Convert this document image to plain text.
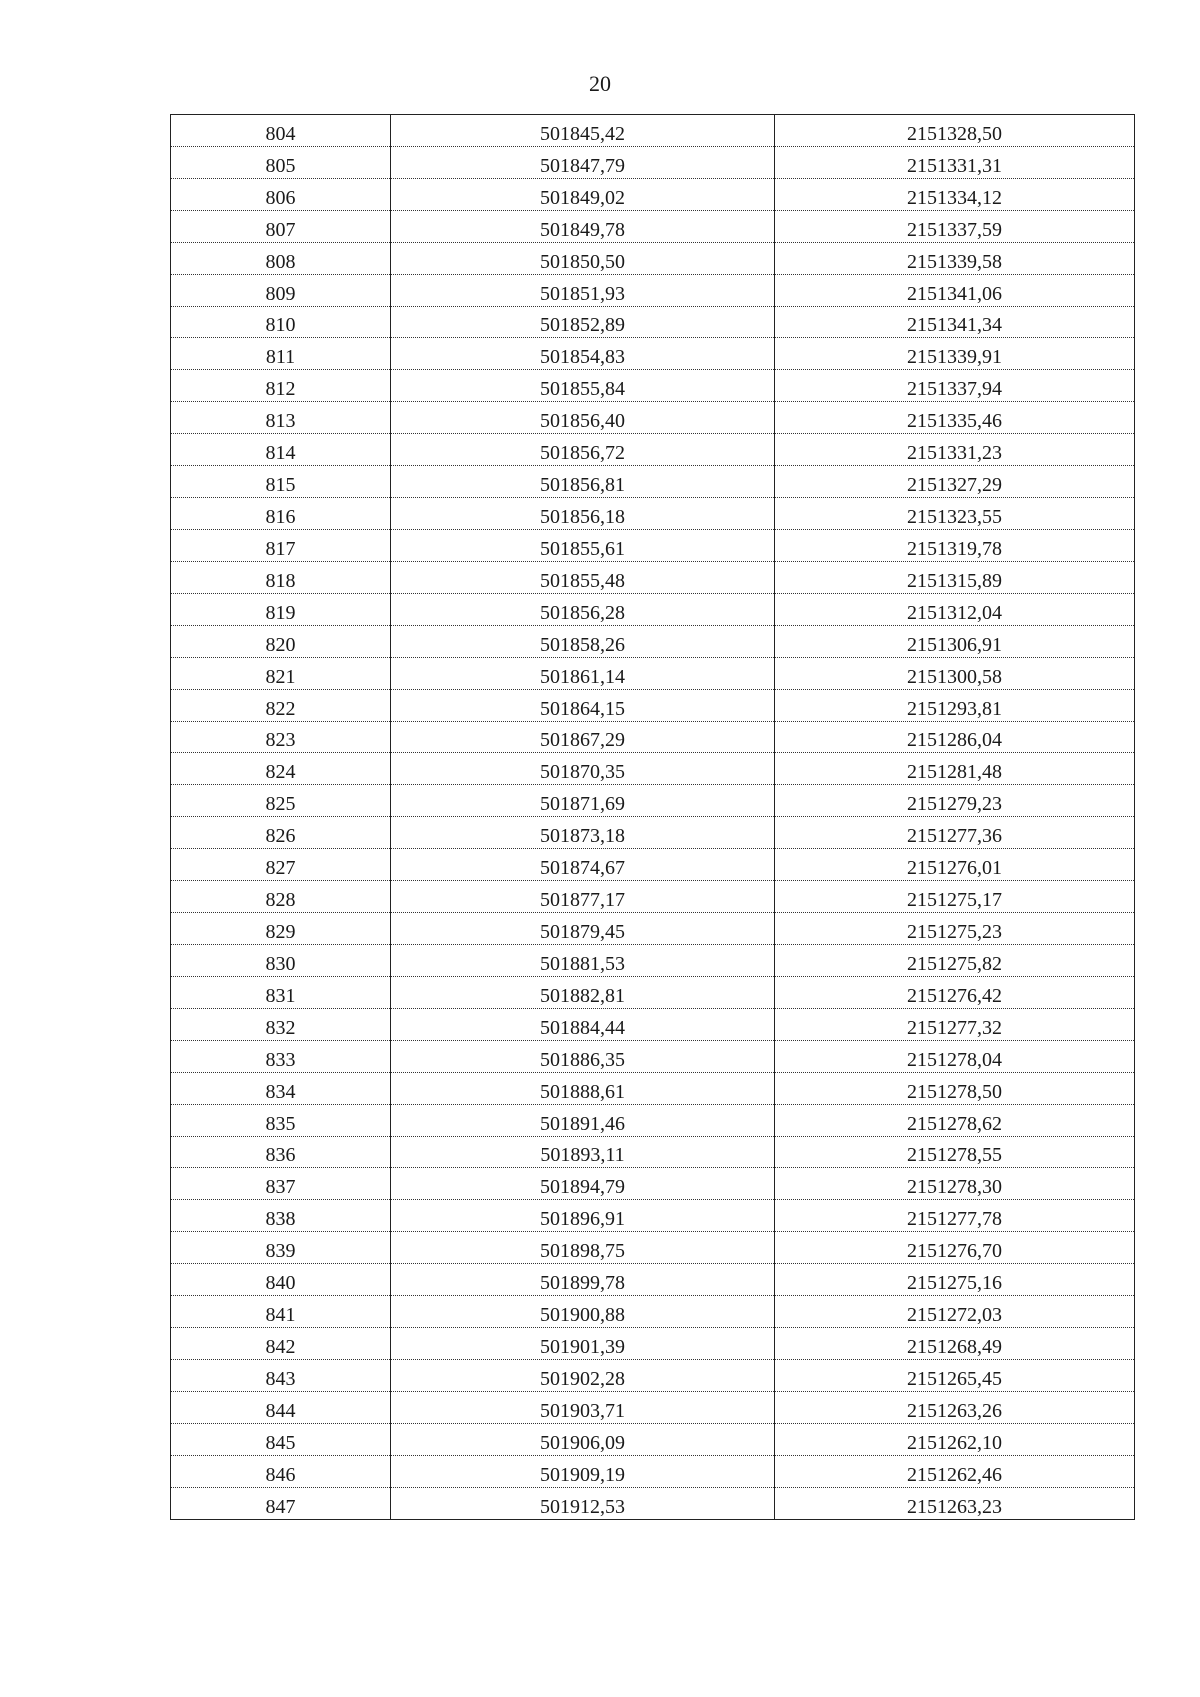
20
804	501845,42	2151328,50
805	501847,79	2151331,31
806	501849,02	2151334,12
807	501849,78	2151337,59
808	501850,50	2151339,58
809	501851,93	2151341,06
810	501852,89	2151341,34
811	501854,83	2151339,91
812	501855,84	2151337,94
813	501856,40	2151335,46
814	501856,72	2151331,23
815	501856,81	2151327,29
816	501856,18	2151323,55
817	501855,61	2151319,78
818	501855,48	2151315,89
819	501856,28	2151312,04
820	501858,26	2151306,91
821	501861,14	2151300,58
822	501864,15	2151293,81
823	501867,29	2151286,04
824	501870,35	2151281,48
825	501871,69	2151279,23
826	501873,18	2151277,36
827	501874,67	2151276,01
828	501877,17	2151275,17
829	501879,45	2151275,23
830	501881,53	2151275,82
831	501882,81	2151276,42
832	501884,44	2151277,32
833	501886,35	2151278,04
834	501888,61	2151278,50
835	501891,46	2151278,62
836	501893,11	2151278,55
837	501894,79	2151278,30
838	501896,91	2151277,78
839	501898,75	2151276,70
840	501899,78	2151275,16
841	501900,88	2151272,03
842	501901,39	2151268,49
843	501902,28	2151265,45
844	501903,71	2151263,26
845	501906,09	2151262,10
846	501909,19	2151262,46
847	501912,53	2151263,23
